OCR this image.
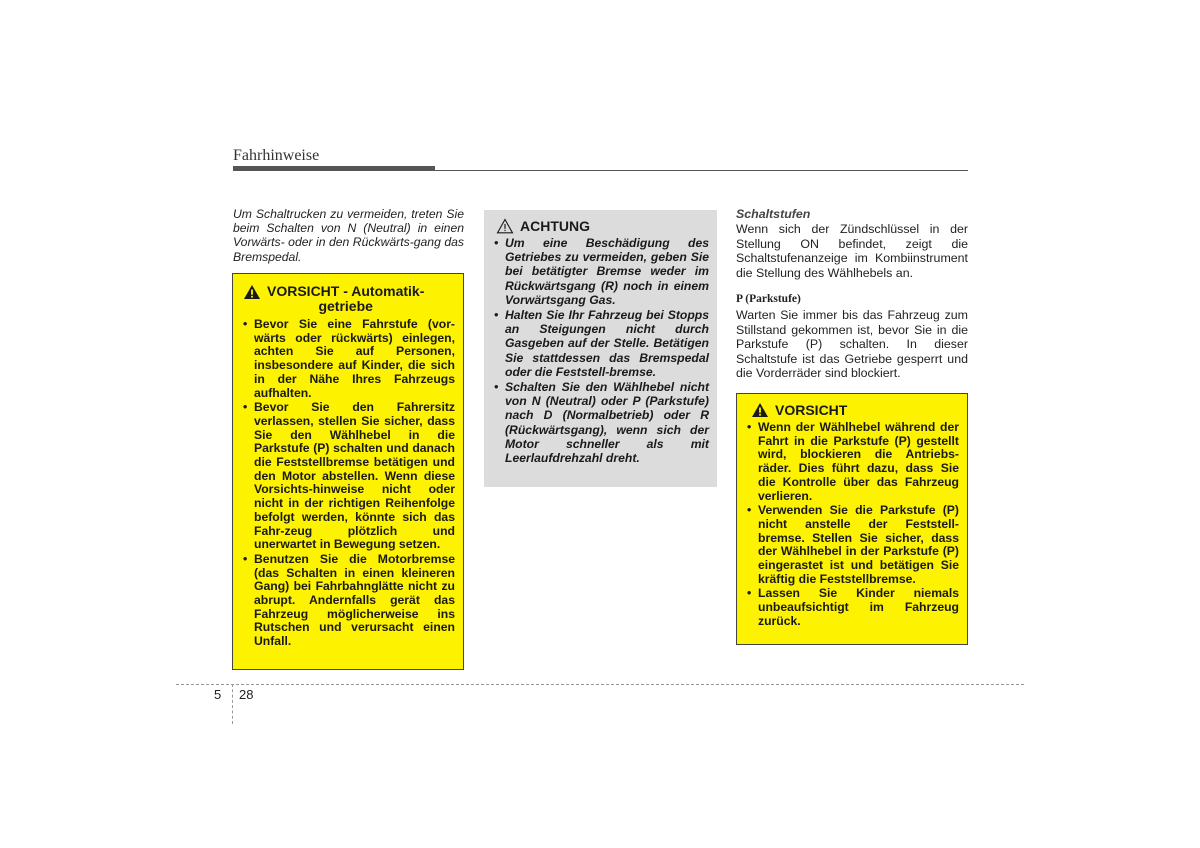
Fahrhinweise

Um Schaltrucken zu vermeiden, treten Sie beim Schalten von N (Neutral) in einen Vorwärts- oder in den Rückwärts-gang das Bremspedal.

VORSICHT - Automatik-
getriebe
• Bevor Sie eine Fahrstufe (vor-wärts oder rückwärts) einlegen, achten Sie auf Personen, insbesondere auf Kinder, die sich in der Nähe Ihres Fahrzeugs aufhalten.
• Bevor Sie den Fahrersitz verlassen, stellen Sie sicher, dass Sie den Wählhebel in die Parkstufe (P) schalten und danach die Feststellbremse betätigen und den Motor abstellen. Wenn diese Vorsichts-hinweise nicht oder nicht in der richtigen Reihenfolge befolgt werden, könnte sich das Fahr-zeug plötzlich und unerwartet in Bewegung setzen.
• Benutzen Sie die Motorbremse (das Schalten in einen kleineren Gang) bei Fahrbahnglätte nicht zu abrupt. Andernfalls gerät das Fahrzeug möglicherweise ins Rutschen und verursacht einen Unfall.
ACHTUNG
• Um eine Beschädigung des Getriebes zu vermeiden, geben Sie bei betätigter Bremse weder im Rückwärtsgang (R) noch in einem Vorwärtsgang Gas.
• Halten Sie Ihr Fahrzeug bei Stopps an Steigungen nicht durch Gasgeben auf der Stelle. Betätigen Sie stattdessen das Bremspedal oder die Feststell-bremse.
• Schalten Sie den Wählhebel nicht von N (Neutral) oder P (Parkstufe) nach D (Normalbetrieb) oder R (Rückwärtsgang), wenn sich der Motor schneller als mit Leerlaufdrehzahl dreht.
Schaltstufen

Wenn sich der Zündschlüssel in der Stellung ON befindet, zeigt die Schaltstufenanzeige im Kombiinstrument die Stellung des Wählhebels an.

P (Parkstufe)

Warten Sie immer bis das Fahrzeug zum Stillstand gekommen ist, bevor Sie in die Parkstufe (P) schalten. In dieser Schaltstufe ist das Getriebe gesperrt und die Vorderräder sind blockiert.

VORSICHT
• Wenn der Wählhebel während der Fahrt in die Parkstufe (P) gestellt wird, blockieren die Antriebs-räder. Dies führt dazu, dass Sie die Kontrolle über das Fahrzeug verlieren.
• Verwenden Sie die Parkstufe (P) nicht anstelle der Feststell-bremse. Stellen Sie sicher, dass der Wählhebel in der Parkstufe (P) eingerastet ist und betätigen Sie kräftig die Feststellbremse.
• Lassen Sie Kinder niemals unbeaufsichtigt im Fahrzeug zurück.
5 28
